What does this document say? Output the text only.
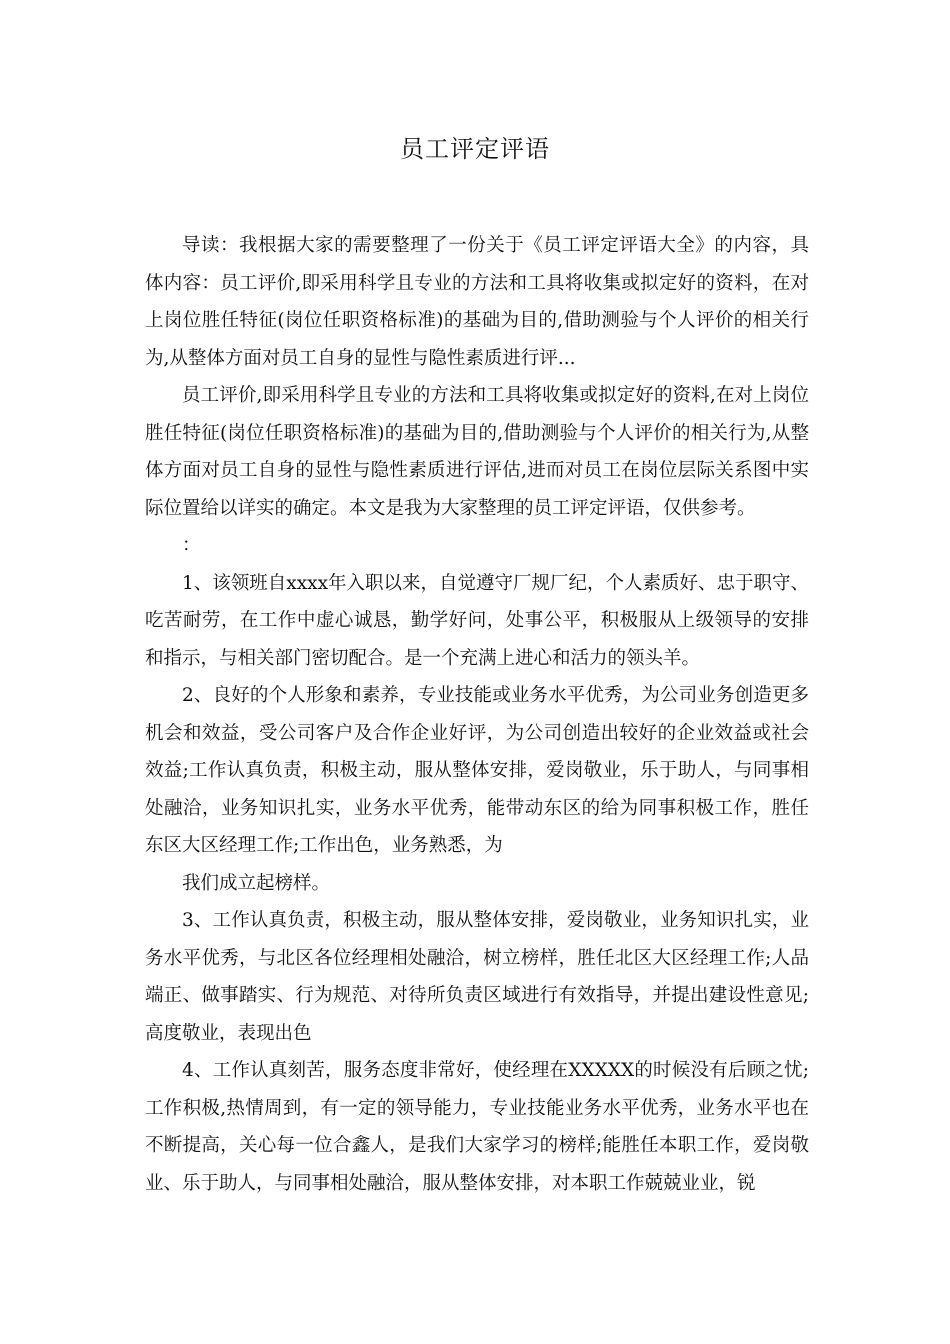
员工评定评语

导读：我根据大家的需要整理了一份关于《员工评定评语大全》的内容，具体内容：员工评价,即采用科学且专业的方法和工具将收集或拟定好的资料，在对上岗位胜任特征(岗位任职资格标准)的基础为目的,借助测验与个人评价的相关行为,从整体方面对员工自身的显性与隐性素质进行评...

员工评价,即采用科学且专业的方法和工具将收集或拟定好的资料,在对上岗位胜任特征(岗位任职资格标准)的基础为目的,借助测验与个人评价的相关行为,从整体方面对员工自身的显性与隐性素质进行评估,进而对员工在岗位层际关系图中实际位置给以详实的确定。本文是我为大家整理的员工评定评语，仅供参考。

：

1、该领班自xxxx年入职以来，自觉遵守厂规厂纪，个人素质好、忠于职守、吃苦耐劳，在工作中虚心诚恳，勤学好问，处事公平，积极服从上级领导的安排和指示，与相关部门密切配合。是一个充满上进心和活力的领头羊。

2、良好的个人形象和素养，专业技能或业务水平优秀，为公司业务创造更多机会和效益，受公司客户及合作企业好评，为公司创造出较好的企业效益或社会效益;工作认真负责，积极主动，服从整体安排，爱岗敬业，乐于助人，与同事相处融洽，业务知识扎实，业务水平优秀，能带动东区的给为同事积极工作，胜任东区大区经理工作;工作出色，业务熟悉，为

我们成立起榜样。

3、工作认真负责，积极主动，服从整体安排，爱岗敬业，业务知识扎实，业务水平优秀，与北区各位经理相处融洽，树立榜样，胜任北区大区经理工作;人品端正、做事踏实、行为规范、对待所负责区域进行有效指导，并提出建设性意见;高度敬业，表现出色

4、工作认真刻苦，服务态度非常好，使经理在XXXXX的时候没有后顾之忧;工作积极,热情周到，有一定的领导能力，专业技能业务水平优秀，业务水平也在不断提高，关心每一位合鑫人，是我们大家学习的榜样;能胜任本职工作，爱岗敬业、乐于助人，与同事相处融洽，服从整体安排，对本职工作兢兢业业，锐
